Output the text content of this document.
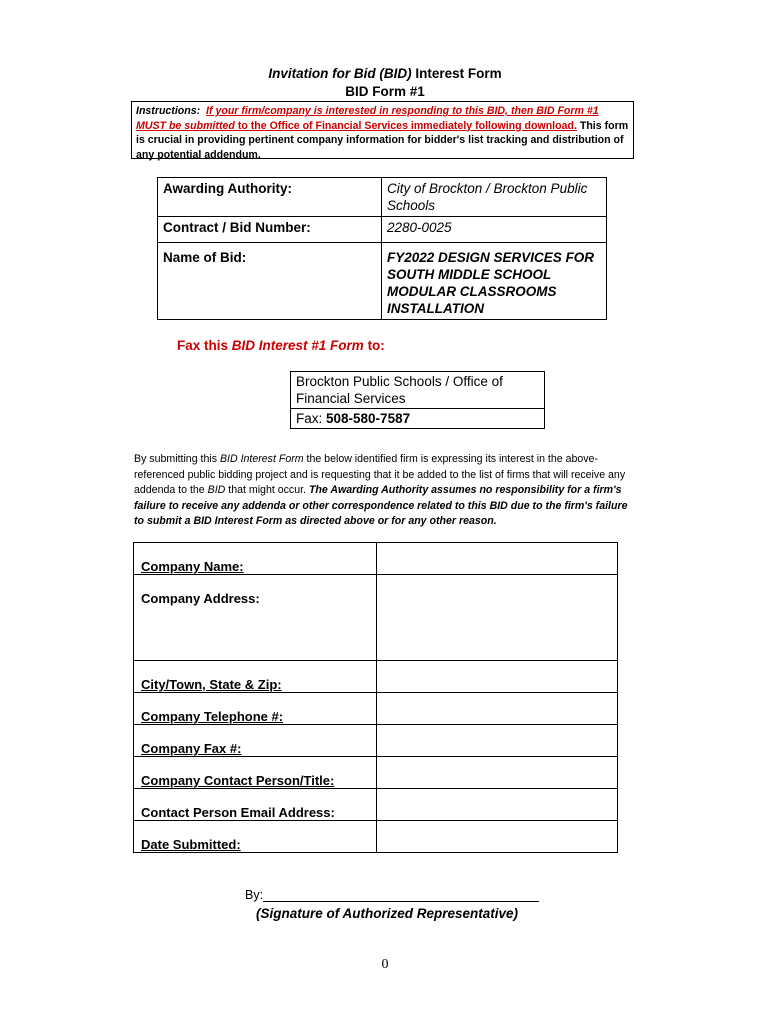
Invitation for Bid (BID) Interest Form
BID Form #1
Instructions: If your firm/company is interested in responding to this BID, then BID Form #1 MUST be submitted to the Office of Financial Services immediately following download. This form is crucial in providing pertinent company information for bidder's list tracking and distribution of any potential addendum.
Awarding Authority:	City of Brockton / Brockton Public Schools
Contract / Bid Number:	2280-0025
Name of Bid:	FY2022 DESIGN SERVICES FOR SOUTH MIDDLE SCHOOL MODULAR CLASSROOMS INSTALLATION
Fax this BID Interest #1 Form to:
Brockton Public Schools / Office of Financial Services
Fax: 508-580-7587
By submitting this BID Interest Form the below identified firm is expressing its interest in the above-referenced public bidding project and is requesting that it be added to the list of firms that will receive any addenda to the BID that might occur. The Awarding Authority assumes no responsibility for a firm's failure to receive any addenda or other correspondence related to this BID due to the firm's failure to submit a BID Interest Form as directed above or for any other reason.
Company Name:	
Company Address:	
City/Town, State & Zip:	
Company Telephone #:	
Company Fax #:	
Company Contact Person/Title:	
Contact Person Email Address:	
Date Submitted:	
By:
(Signature of Authorized Representative)
0
